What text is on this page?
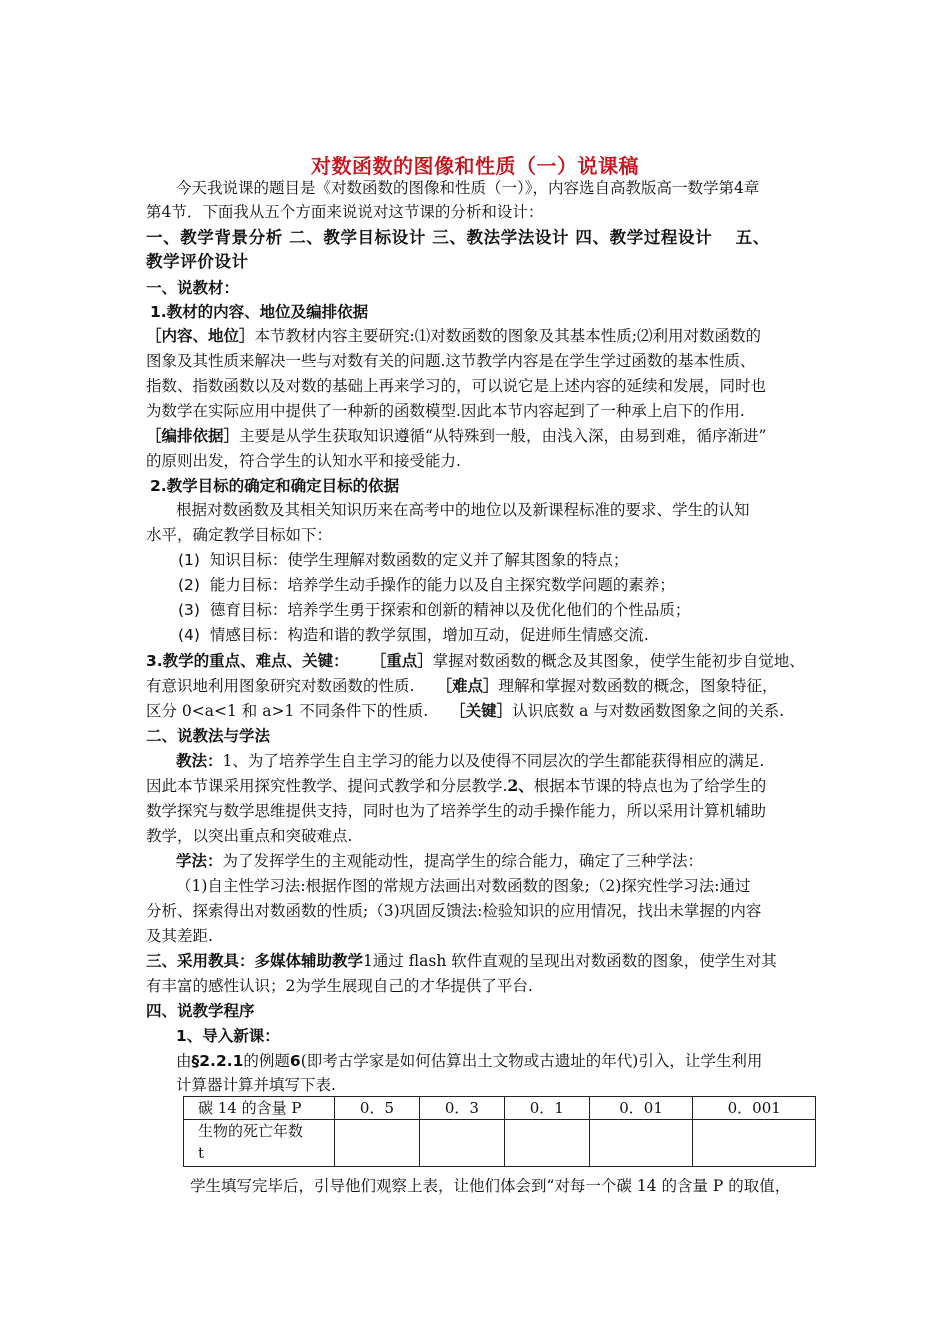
对数函数的图像和性质（一）说课稿
今天我说课的题目是《对数函数的图像和性质（一）》，内容选自高教版高一数学第4章
第4节．下面我从五个方面来说说对这节课的分析和设计：
一、教学背景分析 二、教学目标设计 三、教法学法设计 四、教学过程设计　 五、
教学评价设计
一、说教材：
1.教材的内容、地位及编排依据
［内容、地位］本节教材内容主要研究:⑴对数函数的图象及其基本性质;⑵利用对数函数的
图象及其性质来解决一些与对数有关的问题.这节教学内容是在学生学过函数的基本性质、
指数、指数函数以及对数的基础上再来学习的，可以说它是上述内容的延续和发展，同时也
为数学在实际应用中提供了一种新的函数模型.因此本节内容起到了一种承上启下的作用.
［编排依据］主要是从学生获取知识遵循“从特殊到一般，由浅入深，由易到难，循序渐进”
的原则出发，符合学生的认知水平和接受能力.
2.教学目标的确定和确定目标的依据
根据对数函数及其相关知识历来在高考中的地位以及新课程标准的要求、学生的认知
水平，确定教学目标如下：
(1) 知识目标：使学生理解对数函数的定义并了解其图象的特点；
(2) 能力目标：培养学生动手操作的能力以及自主探究数学问题的素养；
(3) 德育目标：培养学生勇于探索和创新的精神以及优化他们的个性品质；
(4) 情感目标：构造和谐的教学氛围，增加互动，促进师生情感交流.
3.教学的重点、难点、关键： ［重点］掌握对数函数的概念及其图象，使学生能初步自觉地、
有意识地利用图象研究对数函数的性质. ［难点］理解和掌握对数函数的概念，图象特征，
区分 0<a<1 和 a>1 不同条件下的性质. ［关键］认识底数 a 与对数函数图象之间的关系.
二、说教法与学法
教法：1、为了培养学生自主学习的能力以及使得不同层次的学生都能获得相应的满足.
因此本节课采用探究性教学、提问式教学和分层教学.2、根据本节课的特点也为了给学生的
数学探究与数学思维提供支持，同时也为了培养学生的动手操作能力，所以采用计算机辅助
教学，以突出重点和突破难点.
学法：为了发挥学生的主观能动性，提高学生的综合能力，确定了三种学法：
（1)自主性学习法:根据作图的常规方法画出对数函数的图象;（2)探究性学习法:通过
分析、探索得出对数函数的性质;（3)巩固反馈法:检验知识的应用情况，找出未掌握的内容
及其差距.
三、采用教具：多媒体辅助教学1通过 flash 软件直观的呈现出对数函数的图象，使学生对其
有丰富的感性认识；2为学生展现自己的才华提供了平台.
四、说教学程序
1、导入新课：
由§2.2.1的例题6(即考古学家是如何估算出土文物或古遗址的年代)引入，让学生利用
计算器计算并填写下表.
碳 14 的含量 P	0．5	0．3	0．1	0．01	0．001

生物的死亡年数
t					

学生填写完毕后，引导他们观察上表，让他们体会到“对每一个碳 14 的含量 P 的取值，
